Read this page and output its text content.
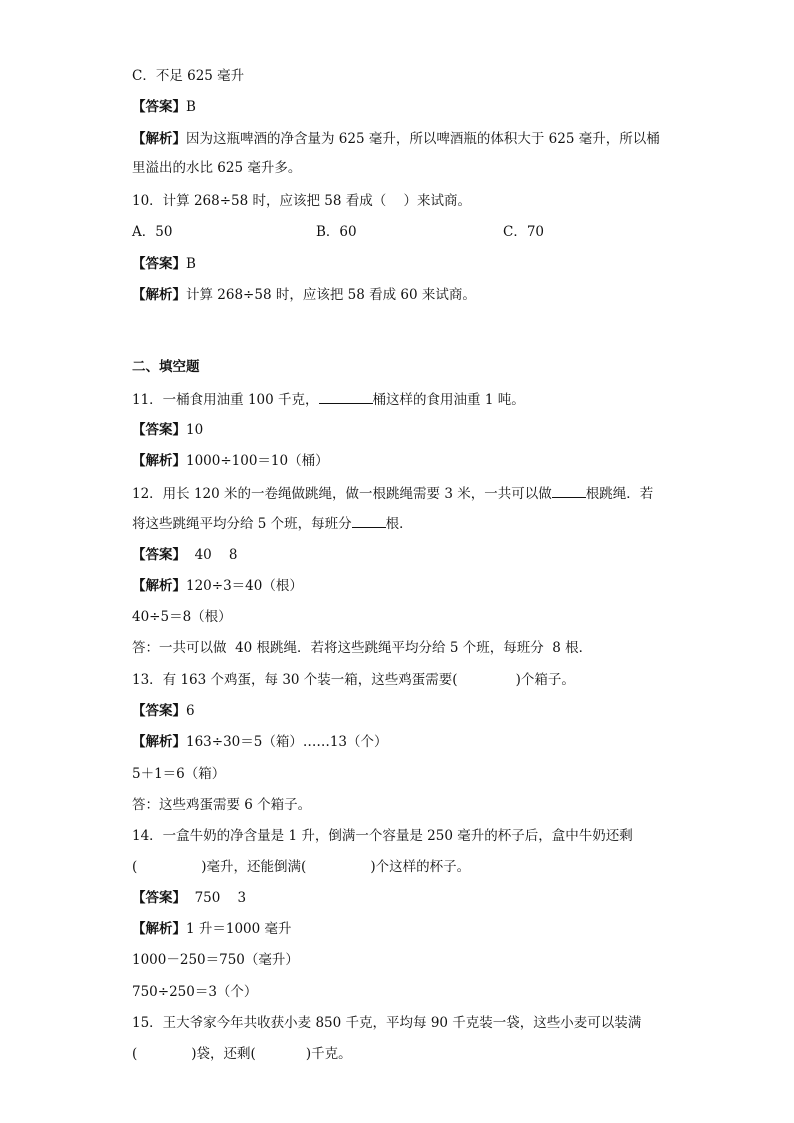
C．不足 625 毫升
【答案】B
【解析】因为这瓶啤酒的净含量为 625 毫升，所以啤酒瓶的体积大于 625 毫升，所以桶
里溢出的水比 625 毫升多。
10．计算 268÷58 时，应该把 58 看成（    ）来试商。
A．50	B．60	C．70
【答案】B
【解析】计算 268÷58 时，应该把 58 看成 60 来试商。
二、填空题
11．一桶食用油重 100 千克，	桶这样的食用油重 1 吨。
【答案】10
【解析】1000÷100＝10（桶）
12．用长 120 米的一卷绳做跳绳，做一根跳绳需要 3 米，一共可以做	根跳绳．若
将这些跳绳平均分给 5 个班，每班分	根．
【答案】  40    8
【解析】120÷3＝40（根）
40÷5＝8（根）
答：一共可以做  40 根跳绳．若将这些跳绳平均分给 5 个班，每班分  8 根．
13．有 163 个鸡蛋，每 30 个装一箱，这些鸡蛋需要(	)个箱子。
【答案】6
【解析】163÷30＝5（箱）……13（个）
5＋1＝6（箱）
答：这些鸡蛋需要 6 个箱子。
14．一盒牛奶的净含量是 1 升，倒满一个容量是 250 毫升的杯子后，盒中牛奶还剩
(	)毫升，还能倒满(	)个这样的杯子。
【答案】  750    3
【解析】1 升＝1000 毫升
1000－250＝750（毫升）
750÷250＝3（个）
15．王大爷家今年共收获小麦 850 千克，平均每 90 千克装一袋，这些小麦可以装满
(	)袋，还剩(	)千克。
